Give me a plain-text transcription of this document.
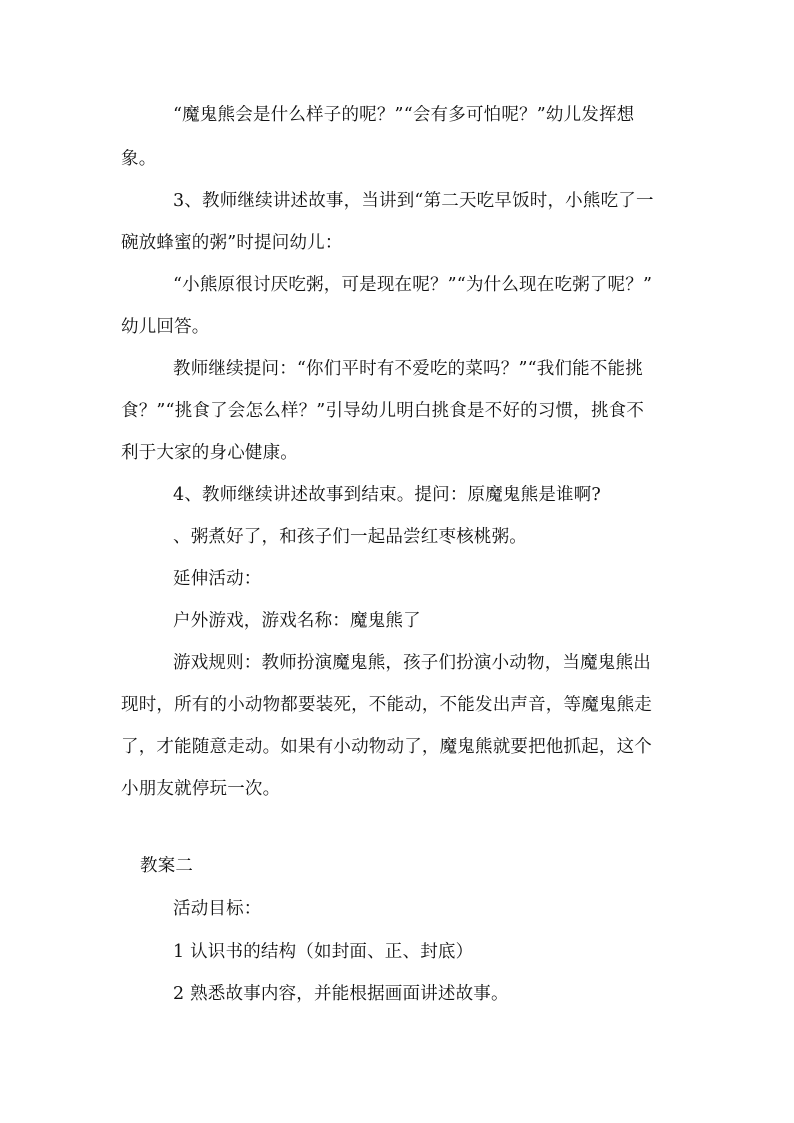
“魔鬼熊会是什么样子的呢？”“会有多可怕呢？”幼儿发挥想
象。
3、教师继续讲述故事，当讲到“第二天吃早饭时，小熊吃了一
碗放蜂蜜的粥”时提问幼儿：
“小熊原很讨厌吃粥，可是现在呢？”“为什么现在吃粥了呢？”
幼儿回答。
教师继续提问：“你们平时有不爱吃的菜吗？”“我们能不能挑
食？”“挑食了会怎么样？”引导幼儿明白挑食是不好的习惯，挑食不
利于大家的身心健康。
4、教师继续讲述故事到结束。提问：原魔鬼熊是谁啊?
、粥煮好了，和孩子们一起品尝红枣核桃粥。
延伸活动：
户外游戏，游戏名称：魔鬼熊了
游戏规则：教师扮演魔鬼熊，孩子们扮演小动物，当魔鬼熊出
现时，所有的小动物都要装死，不能动，不能发出声音，等魔鬼熊走
了，才能随意走动。如果有小动物动了，魔鬼熊就要把他抓起，这个
小朋友就停玩一次。
教案二
活动目标：
1 认识书的结构（如封面、正、封底）
2 熟悉故事内容，并能根据画面讲述故事。
